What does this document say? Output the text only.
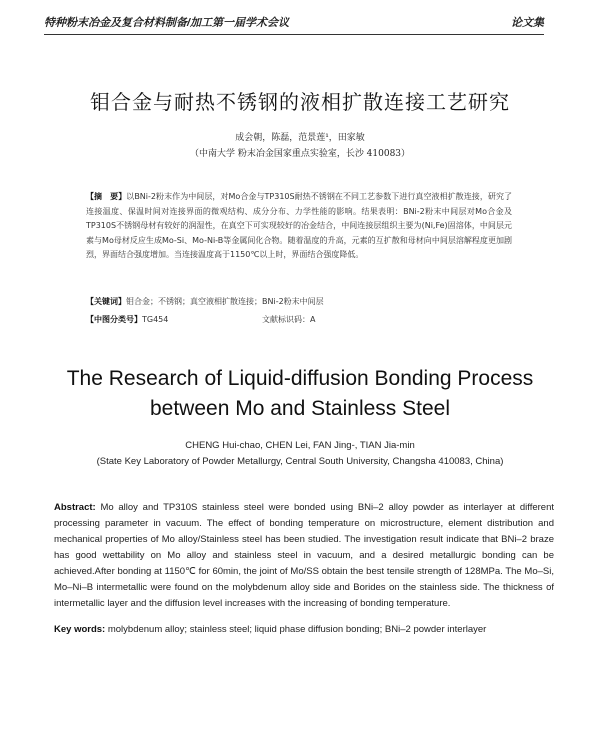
特种粉末冶金及复合材料制备/加工第一届学术会议	论文集
钼合金与耐热不锈钢的液相扩散连接工艺研究
成会朝，陈磊，范景莲¹，田家敏
（中南大学 粉末冶金国家重点实验室，长沙 410083）
【摘　要】以BNi-2粉末作为中间层，对Mo合金与TP310S耐热不锈钢在不同工艺参数下进行真空液相扩散连接，研究了连接温度、保温时间对连接界面的微观结构、成分分布、力学性能的影响。结果表明：BNi-2粉末中间层对Mo合金及TP310S不锈钢母材有较好的润湿性，在真空下可实现较好的冶金结合，中间连接层组织主要为(Ni,Fe)固溶体，中间层元素与Mo母材反应生成Mo-Si、Mo-Ni-B等金属间化合物。随着温度的升高，元素的互扩散和母材向中间层溶解程度更加剧烈，界面结合强度增加。当连接温度高于1150℃以上时，界面结合强度降低。
【关键词】钼合金；不锈钢；真空液相扩散连接；BNi-2粉末中间层
【中图分类号】TG454	文献标识码：A
The Research of Liquid-diffusion Bonding Process
between Mo and Stainless Steel
CHENG Hui-chao, CHEN Lei, FAN Jing-, TIAN Jia-min
(State Key Laboratory of Powder Metallurgy, Central South University, Changsha 410083, China)
Abstract: Mo alloy and TP310S stainless steel were bonded using BNi–2 alloy powder as interlayer at different processing parameter in vacuum. The effect of bonding temperature on microstructure, element distribution and mechanical properties of Mo alloy/Stainless steel has been studied. The investigation result indicate that BNi–2 braze has good wettability on Mo alloy and stainless steel in vacuum, and a desired metallurgic bonding can be achieved.After bonding at 1150℃ for 60min, the joint of Mo/SS obtain the best tensile strength of 128MPa. The Mo–Si, Mo–Ni–B intermetallic were found on the molybdenum alloy side and Borides on the stainless side. The thickness of intermetallic layer and the diffusion level increases with the increasing of bonding temperature.
Key words: molybdenum alloy; stainless steel; liquid phase diffusion bonding; BNi–2 powder interlayer
